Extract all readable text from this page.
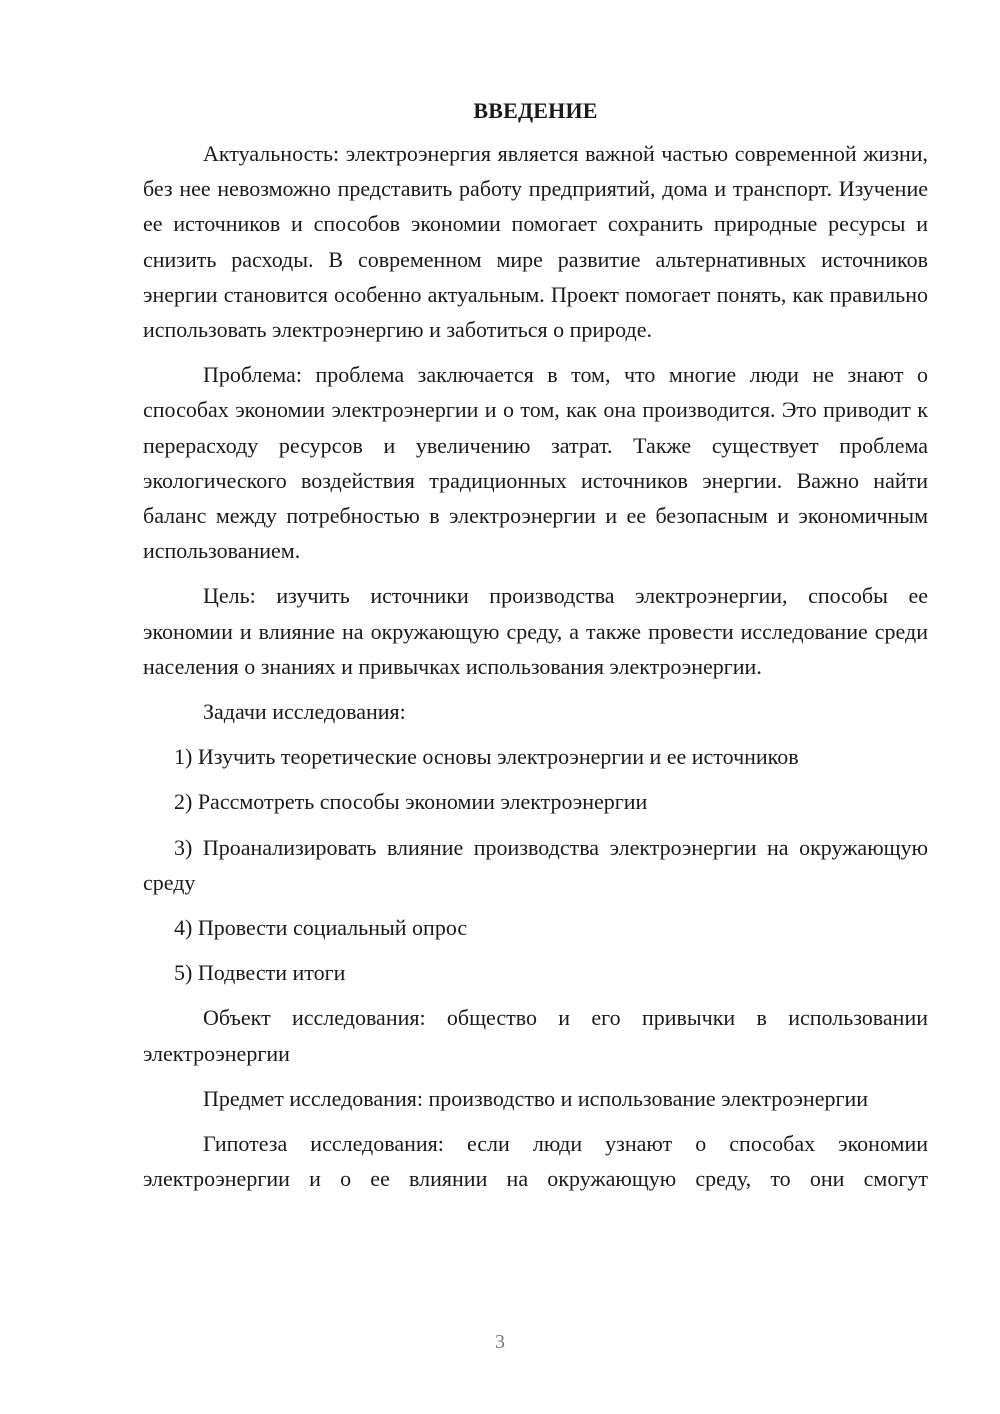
ВВЕДЕНИЕ

Актуальность: электроэнергия является важной частью современной жизни, без нее невозможно представить работу предприятий, дома и транспорт. Изучение ее источников и способов экономии помогает сохранить природные ресурсы и снизить расходы. В современном мире развитие альтернативных источников энергии становится особенно актуальным. Проект помогает понять, как правильно использовать электроэнергию и заботиться о природе.

Проблема: проблема заключается в том, что многие люди не знают о способах экономии электроэнергии и о том, как она производится. Это приводит к перерасходу ресурсов и увеличению затрат. Также существует проблема экологического воздействия традиционных источников энергии. Важно найти баланс между потребностью в электроэнергии и ее безопасным и экономичным использованием.

Цель: изучить источники производства электроэнергии, способы ее экономии и влияние на окружающую среду, а также провести исследование среди населения о знаниях и привычках использования электроэнергии.

Задачи исследования:

1) Изучить теоретические основы электроэнергии и ее источников

2) Рассмотреть способы экономии электроэнергии

3) Проанализировать влияние производства электроэнергии на окружающую среду

4) Провести социальный опрос

5) Подвести итоги

Объект исследования: общество и его привычки в использовании электроэнергии

Предмет исследования: производство и использование электроэнергии

Гипотеза исследования: если люди узнают о способах экономии электроэнергии и о ее влиянии на окружающую среду, то они смогут

3
